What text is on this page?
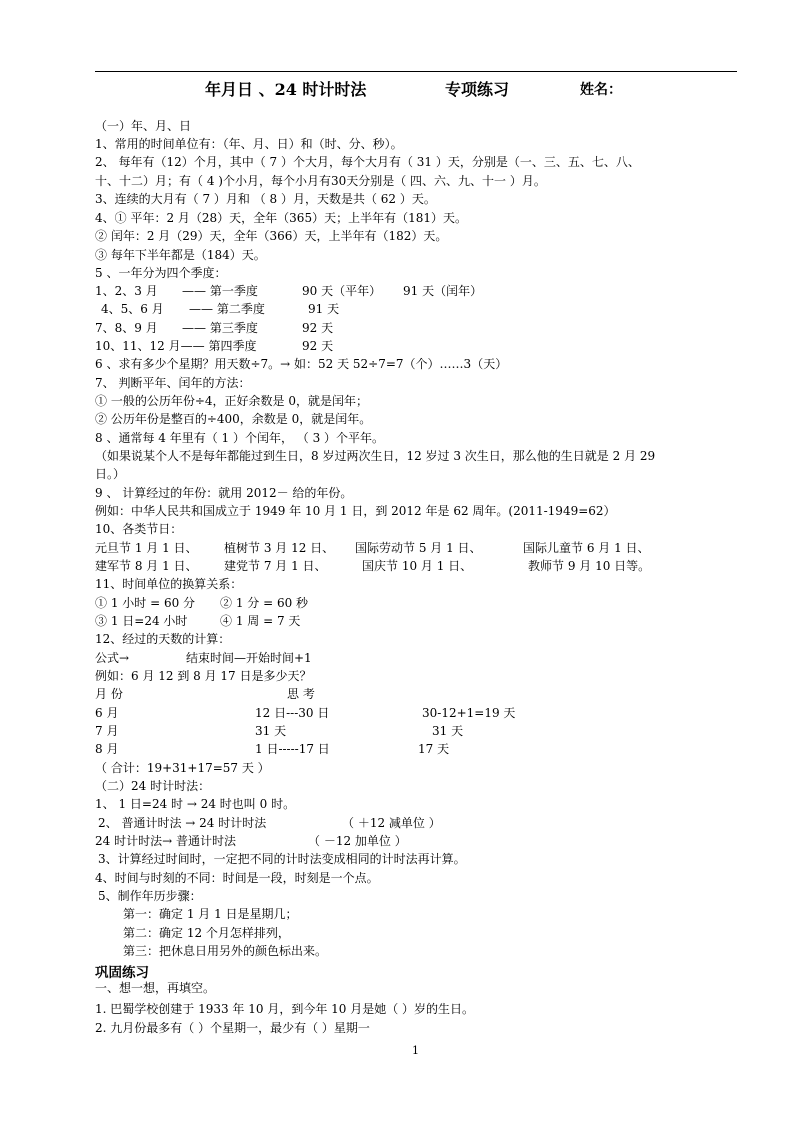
年月日 、24 时计时法	专项练习	姓名：
（一）年、月、日
1、常用的时间单位有：（年、月、日）和（时、分、秒）。
2、 每年有（12）个月，其中（ 7 ）个大月，每个大月有（ 31 ）天，分别是（一、三、五、七、八、
十、十二）月；有（ 4 )个小月，每个小月有30天分别是（ 四、六、九、十一 ）月。
3、连续的大月有（ 7 ）月和 （ 8 ）月，天数是共（ 62 ）天。
4、① 平年：2 月（28）天，全年（365）天；上半年有（181）天。
② 闰年：2 月（29）天，全年（366）天，上半年有（182）天。
③ 每年下半年都是（184）天。
5 、一年分为四个季度：
1、2、3 月 —— 第一季度	90 天（平年） 91 天（闰年）
4、5、6 月 —— 第二季度	91 天
7、8、9 月 —— 第三季度	92 天
10、11、12 月—— 第四季度	92 天
6 、求有多少个星期？用天数÷7。→ 如：52 天 52÷7=7（个）……3（天）
7、 判断平年、闰年的方法：
① 一般的公历年份÷4，正好余数是 0，就是闰年；
② 公历年份是整百的÷400，余数是 0，就是闰年。
8 、通常每 4 年里有（ 1 ）个闰年， （ 3 ）个平年。
（如果说某个人不是每年都能过到生日，8 岁过两次生日，12 岁过 3 次生日，那么他的生日就是 2 月 29
日。）
9 、 计算经过的年份：就用 2012－ 给的年份。
例如：中华人民共和国成立于 1949 年 10 月 1 日，到 2012 年是 62 周年。(2011-1949=62）
10、各类节日：
元旦节 1 月 1 日、 植树节 3 月 12 日、 国际劳动节 5 月 1 日、	国际儿童节 6 月 1 日、
建军节 8 月 1 日、 建党节 7 月 1 日、	国庆节 10 月 1 日、	教师节 9 月 10 日等。
11、时间单位的换算关系：
① 1 小时 = 60 分 ② 1 分 = 60 秒
③ 1 日=24 小时	④ 1 周 = 7 天
12、经过的天数的计算：
公式→	结束时间—开始时间+1
例如：6 月 12 到 8 月 17 日是多少天？
月 份	思 考
6 月	12 日---30 日	30-12+1=19 天
7 月	31 天	31 天
8 月	1 日-----17 日	17 天
（ 合计：19+31+17=57 天 ）
（二）24 时计时法：
1、 1 日=24 时 → 24 时也叫 0 时。
2、 普通计时法 → 24 时计时法	（ ＋12 减单位 ）
24 时计时法→ 普通计时法	（ －12 加单位 ）
3、计算经过时间时，一定把不同的计时法变成相同的计时法再计算。
4、时间与时刻的不同：时间是一段，时刻是一个点。
5、制作年历步骤：
第一：确定 1 月 1 日是星期几；
第二：确定 12 个月怎样排列，
第三：把休息日用另外的颜色标出来。
巩固练习
一、想一想，再填空。
1. 巴蜀学校创建于 1933 年 10 月，到今年 10 月是她（ ）岁的生日。
2. 九月份最多有（ ）个星期一，最少有（ ）星期一
1
